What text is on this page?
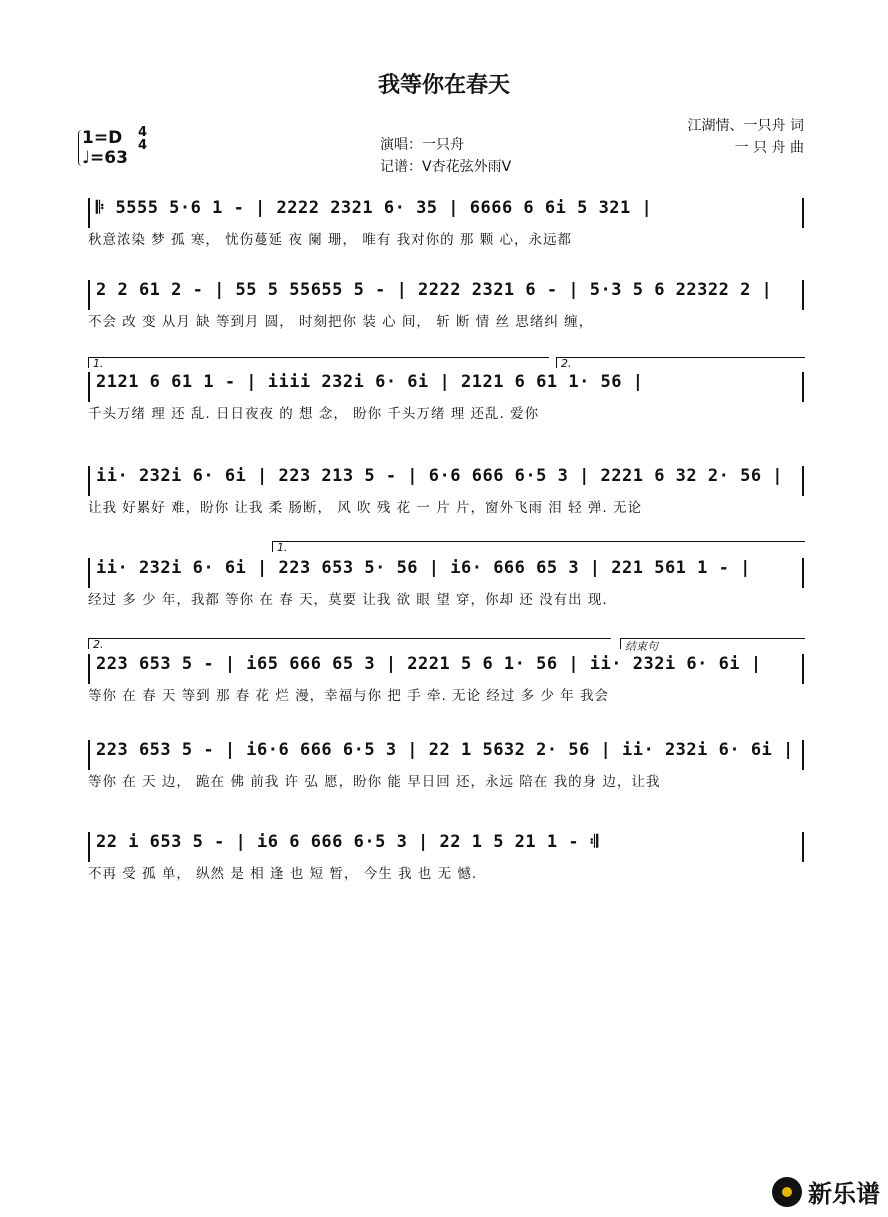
我等你在春天
1=D	4
4
♩=63
演唱：一只舟
记谱：V杏花弦外雨V
江湖情、一只舟 词
一 只 舟 曲
1.	2.
1.
2.	结束句
𝄆 5555 5·6 1 - | 2222 2321 6· 35 | 6666 6 6i 5 321 |
秋意浓染 梦 孤 寒， 忧伤蔓延 夜 阑 珊， 唯有 我对你的 那 颗 心，永远都
2 2 61 2 - | 55 5 55655 5 - | 2222 2321 6 - | 5·3 5 6 22322 2 |
不会 改 变 从月 缺 等到月 圆， 时刻把你 装 心 间， 斩 断 情 丝 思绪纠 缠，
2121 6 61 1 - | iiii 232i 6· 6i | 2121 6 61 1· 56 |
千头万绪 理 还 乱. 日日夜夜 的 想 念， 盼你 千头万绪 理 还乱. 爱你
ii· 232i 6· 6i | 223 213 5 - | 6·6 666 6·5 3 | 2221 6 32 2· 56 |
让我 好累好 难，盼你 让我 柔 肠断， 风 吹 残 花 一 片 片，窗外飞雨 泪 轻 弹. 无论
ii· 232i 6· 6i | 223 653 5· 56 | i6· 666 65 3 | 221 561 1 - |
经过 多 少 年，我都 等你 在 春 天，莫要 让我 欲 眼 望 穿，你却 还 没有出 现.
223 653 5 - | i65 666 65 3 | 2221 5 6 1· 56 | ii· 232i 6· 6i |
等你 在 春 天 等到 那 春 花 烂 漫，幸福与你 把 手 牵. 无论 经过 多 少 年 我会
223 653 5 - | i6·6 666 6·5 3 | 22 1 5632 2· 56 | ii· 232i 6· 6i |
等你 在 天 边， 跪在 佛 前我 许 弘 愿，盼你 能 早日回 还，永远 陪在 我的身 边，让我
22 i 653 5 - | i6 6 666 6·5 3 | 22 1 5 21 1 - 𝄇
不再 受 孤 单， 纵然 是 相 逢 也 短 暂， 今生 我 也 无 憾.
新乐谱
